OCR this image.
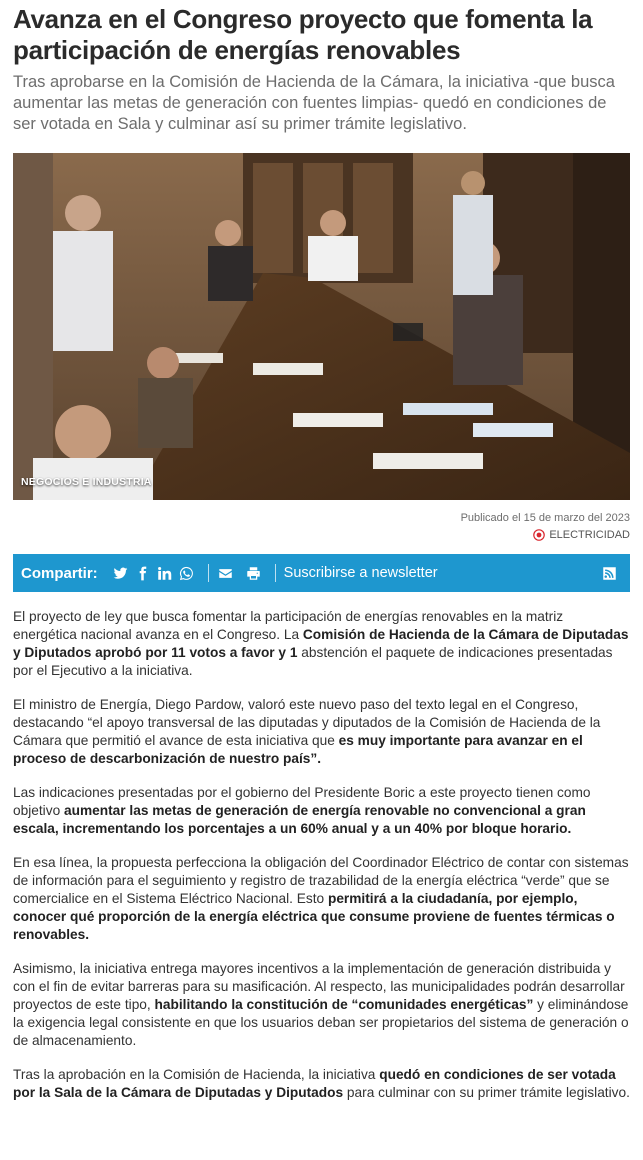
Avanza en el Congreso proyecto que fomenta la participación de energías renovables

Tras aprobarse en la Comisión de Hacienda de la Cámara, la iniciativa -que busca aumentar las metas de generación con fuentes limpias- quedó en condiciones de ser votada en Sala y culminar así su primer trámite legislativo.

NEGOCIOS E INDUSTRIA
Publicado el 15 de marzo del 2023
ELECTRICIDAD
Compartir:	Suscribirse a newsletter

El proyecto de ley que busca fomentar la participación de energías renovables en la matriz energética nacional avanza en el Congreso. La Comisión de Hacienda de la Cámara de Diputadas y Diputados aprobó por 11 votos a favor y 1 abstención el paquete de indicaciones presentadas por el Ejecutivo a la iniciativa.

El ministro de Energía, Diego Pardow, valoró este nuevo paso del texto legal en el Congreso, destacando “el apoyo transversal de las diputadas y diputados de la Comisión de Hacienda de la Cámara que permitió el avance de esta iniciativa que es muy importante para avanzar en el proceso de descarbonización de nuestro país”.

Las indicaciones presentadas por el gobierno del Presidente Boric a este proyecto tienen como objetivo aumentar las metas de generación de energía renovable no convencional a gran escala, incrementando los porcentajes a un 60% anual y a un 40% por bloque horario.

En esa línea, la propuesta perfecciona la obligación del Coordinador Eléctrico de contar con sistemas de información para el seguimiento y registro de trazabilidad de la energía eléctrica “verde” que se comercialice en el Sistema Eléctrico Nacional. Esto permitirá a la ciudadanía, por ejemplo, conocer qué proporción de la energía eléctrica que consume proviene de fuentes térmicas o renovables.

Asimismo, la iniciativa entrega mayores incentivos a la implementación de generación distribuida y con el fin de evitar barreras para su masificación. Al respecto, las municipalidades podrán desarrollar proyectos de este tipo, habilitando la constitución de “comunidades energéticas” y eliminándose la exigencia legal consistente en que los usuarios deban ser propietarios del sistema de generación o de almacenamiento.

Tras la aprobación en la Comisión de Hacienda, la iniciativa quedó en condiciones de ser votada por la Sala de la Cámara de Diputadas y Diputados para culminar con su primer trámite legislativo.
